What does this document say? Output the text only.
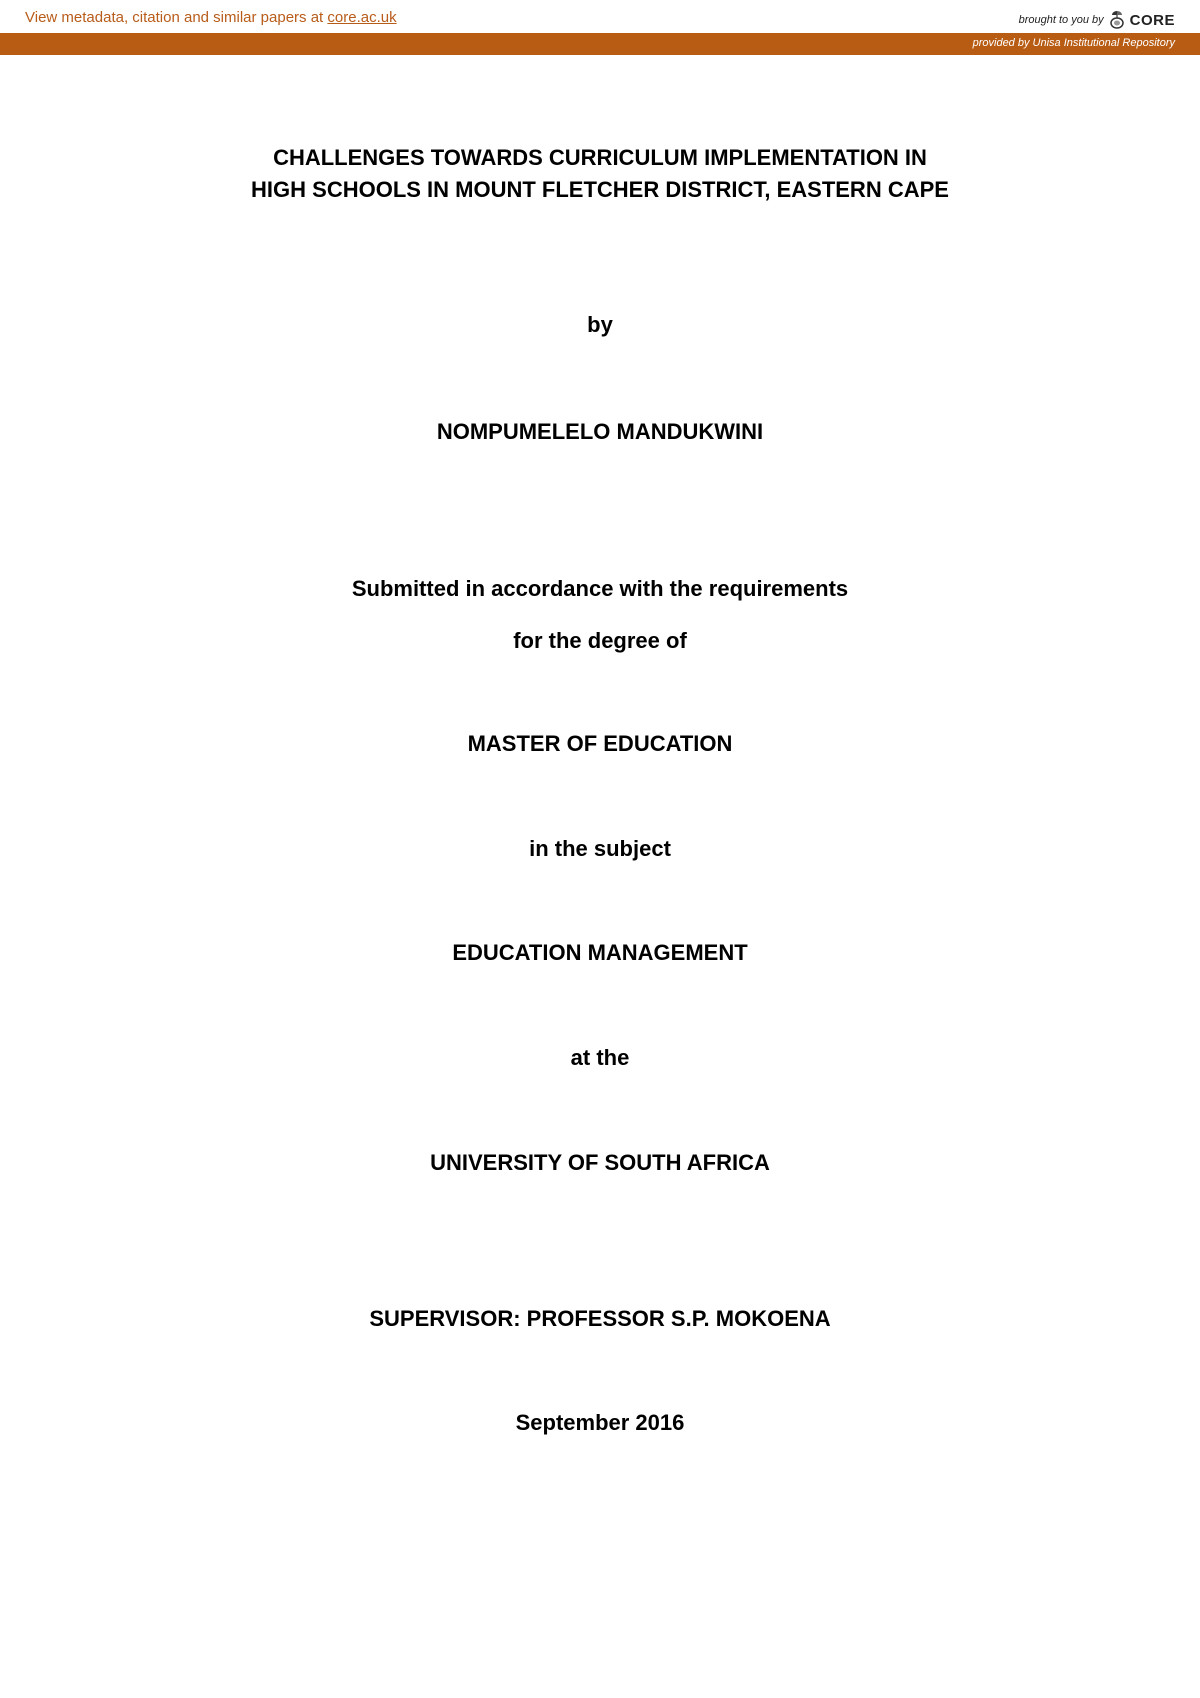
View metadata, citation and similar papers at core.ac.uk	brought to you by CORE
provided by Unisa Institutional Repository
CHALLENGES TOWARDS CURRICULUM IMPLEMENTATION IN
HIGH SCHOOLS IN MOUNT FLETCHER DISTRICT, EASTERN CAPE
by
NOMPUMELELO MANDUKWINI
Submitted in accordance with the requirements
for the degree of
MASTER OF EDUCATION
in the subject
EDUCATION MANAGEMENT
at the
UNIVERSITY OF SOUTH AFRICA
SUPERVISOR: PROFESSOR S.P. MOKOENA
September 2016
